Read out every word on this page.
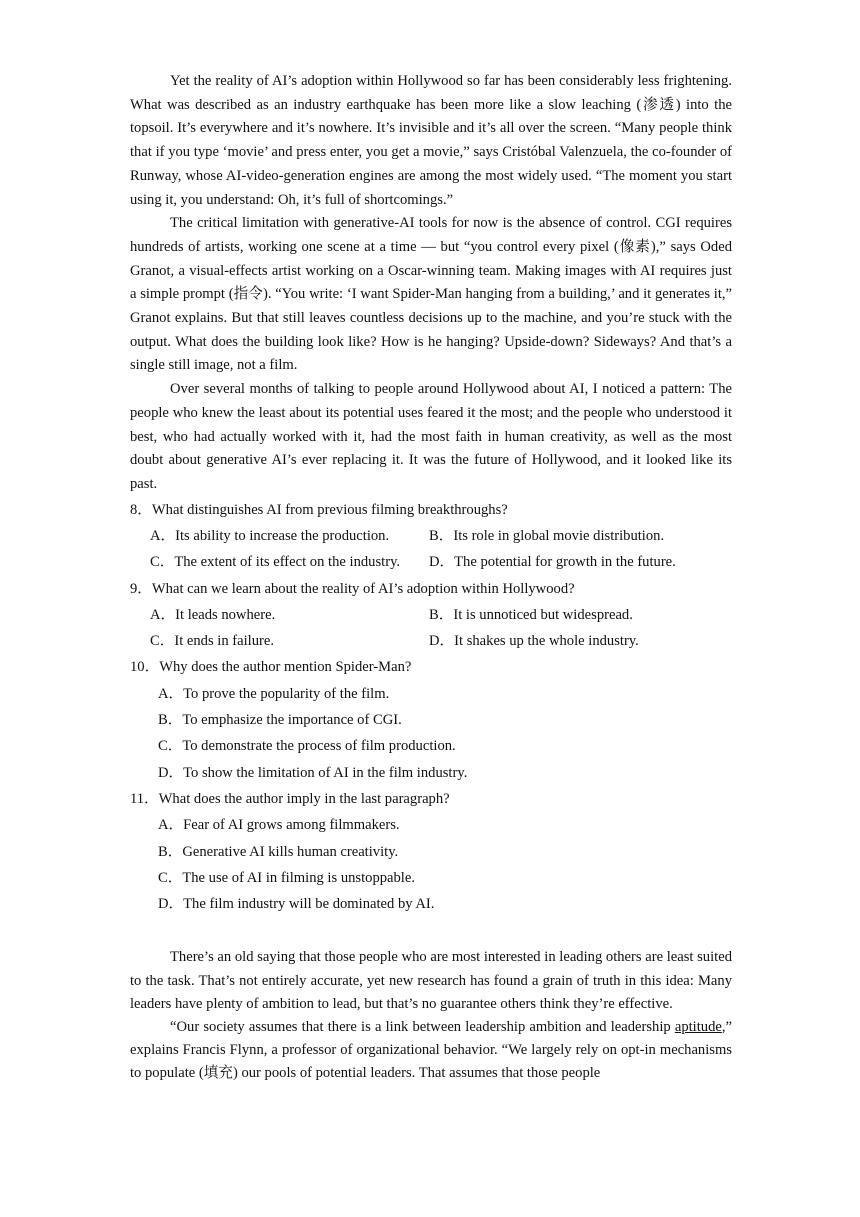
Yet the reality of AI’s adoption within Hollywood so far has been considerably less frightening. What was described as an industry earthquake has been more like a slow leaching (渗透) into the topsoil. It’s everywhere and it’s nowhere. It’s invisible and it’s all over the screen. “Many people think that if you type ‘movie’ and press enter, you get a movie,” says Cristóbal Valenzuela, the co-founder of Runway, whose AI-video-generation engines are among the most widely used. “The moment you start using it, you understand: Oh, it’s full of shortcomings.”

The critical limitation with generative-AI tools for now is the absence of control. CGI requires hundreds of artists, working one scene at a time — but “you control every pixel (像素),” says Oded Granot, a visual-effects artist working on a Oscar-winning team. Making images with AI requires just a simple prompt (指令). “You write: ‘I want Spider-Man hanging from a building,’ and it generates it,” Granot explains. But that still leaves countless decisions up to the machine, and you’re stuck with the output. What does the building look like? How is he hanging? Upside-down? Sideways? And that’s a single still image, not a film.

Over several months of talking to people around Hollywood about AI, I noticed a pattern: The people who knew the least about its potential uses feared it the most; and the people who understood it best, who had actually worked with it, had the most faith in human creativity, as well as the most doubt about generative AI’s ever replacing it. It was the future of Hollywood, and it looked like its past.

8．What distinguishes AI from previous filming breakthroughs?

A．Its ability to increase the production.	B．Its role in global movie distribution.
C．The extent of its effect on the industry.	D．The potential for growth in the future.

9．What can we learn about the reality of AI’s adoption within Hollywood?

A．It leads nowhere.	B．It is unnoticed but widespread.
C．It ends in failure.	D．It shakes up the whole industry.

10．Why does the author mention Spider-Man?

A．To prove the popularity of the film.
B．To emphasize the importance of CGI.
C．To demonstrate the process of film production.
D．To show the limitation of AI in the film industry.

11．What does the author imply in the last paragraph?

A．Fear of AI grows among filmmakers.
B．Generative AI kills human creativity.
C．The use of AI in filming is unstoppable.
D．The film industry will be dominated by AI.

There’s an old saying that those people who are most interested in leading others are least suited to the task. That’s not entirely accurate, yet new research has found a grain of truth in this idea: Many leaders have plenty of ambition to lead, but that’s no guarantee others think they’re effective.

“Our society assumes that there is a link between leadership ambition and leadership aptitude,” explains Francis Flynn, a professor of organizational behavior. “We largely rely on opt-in mechanisms to populate (填充) our pools of potential leaders. That assumes that those people
